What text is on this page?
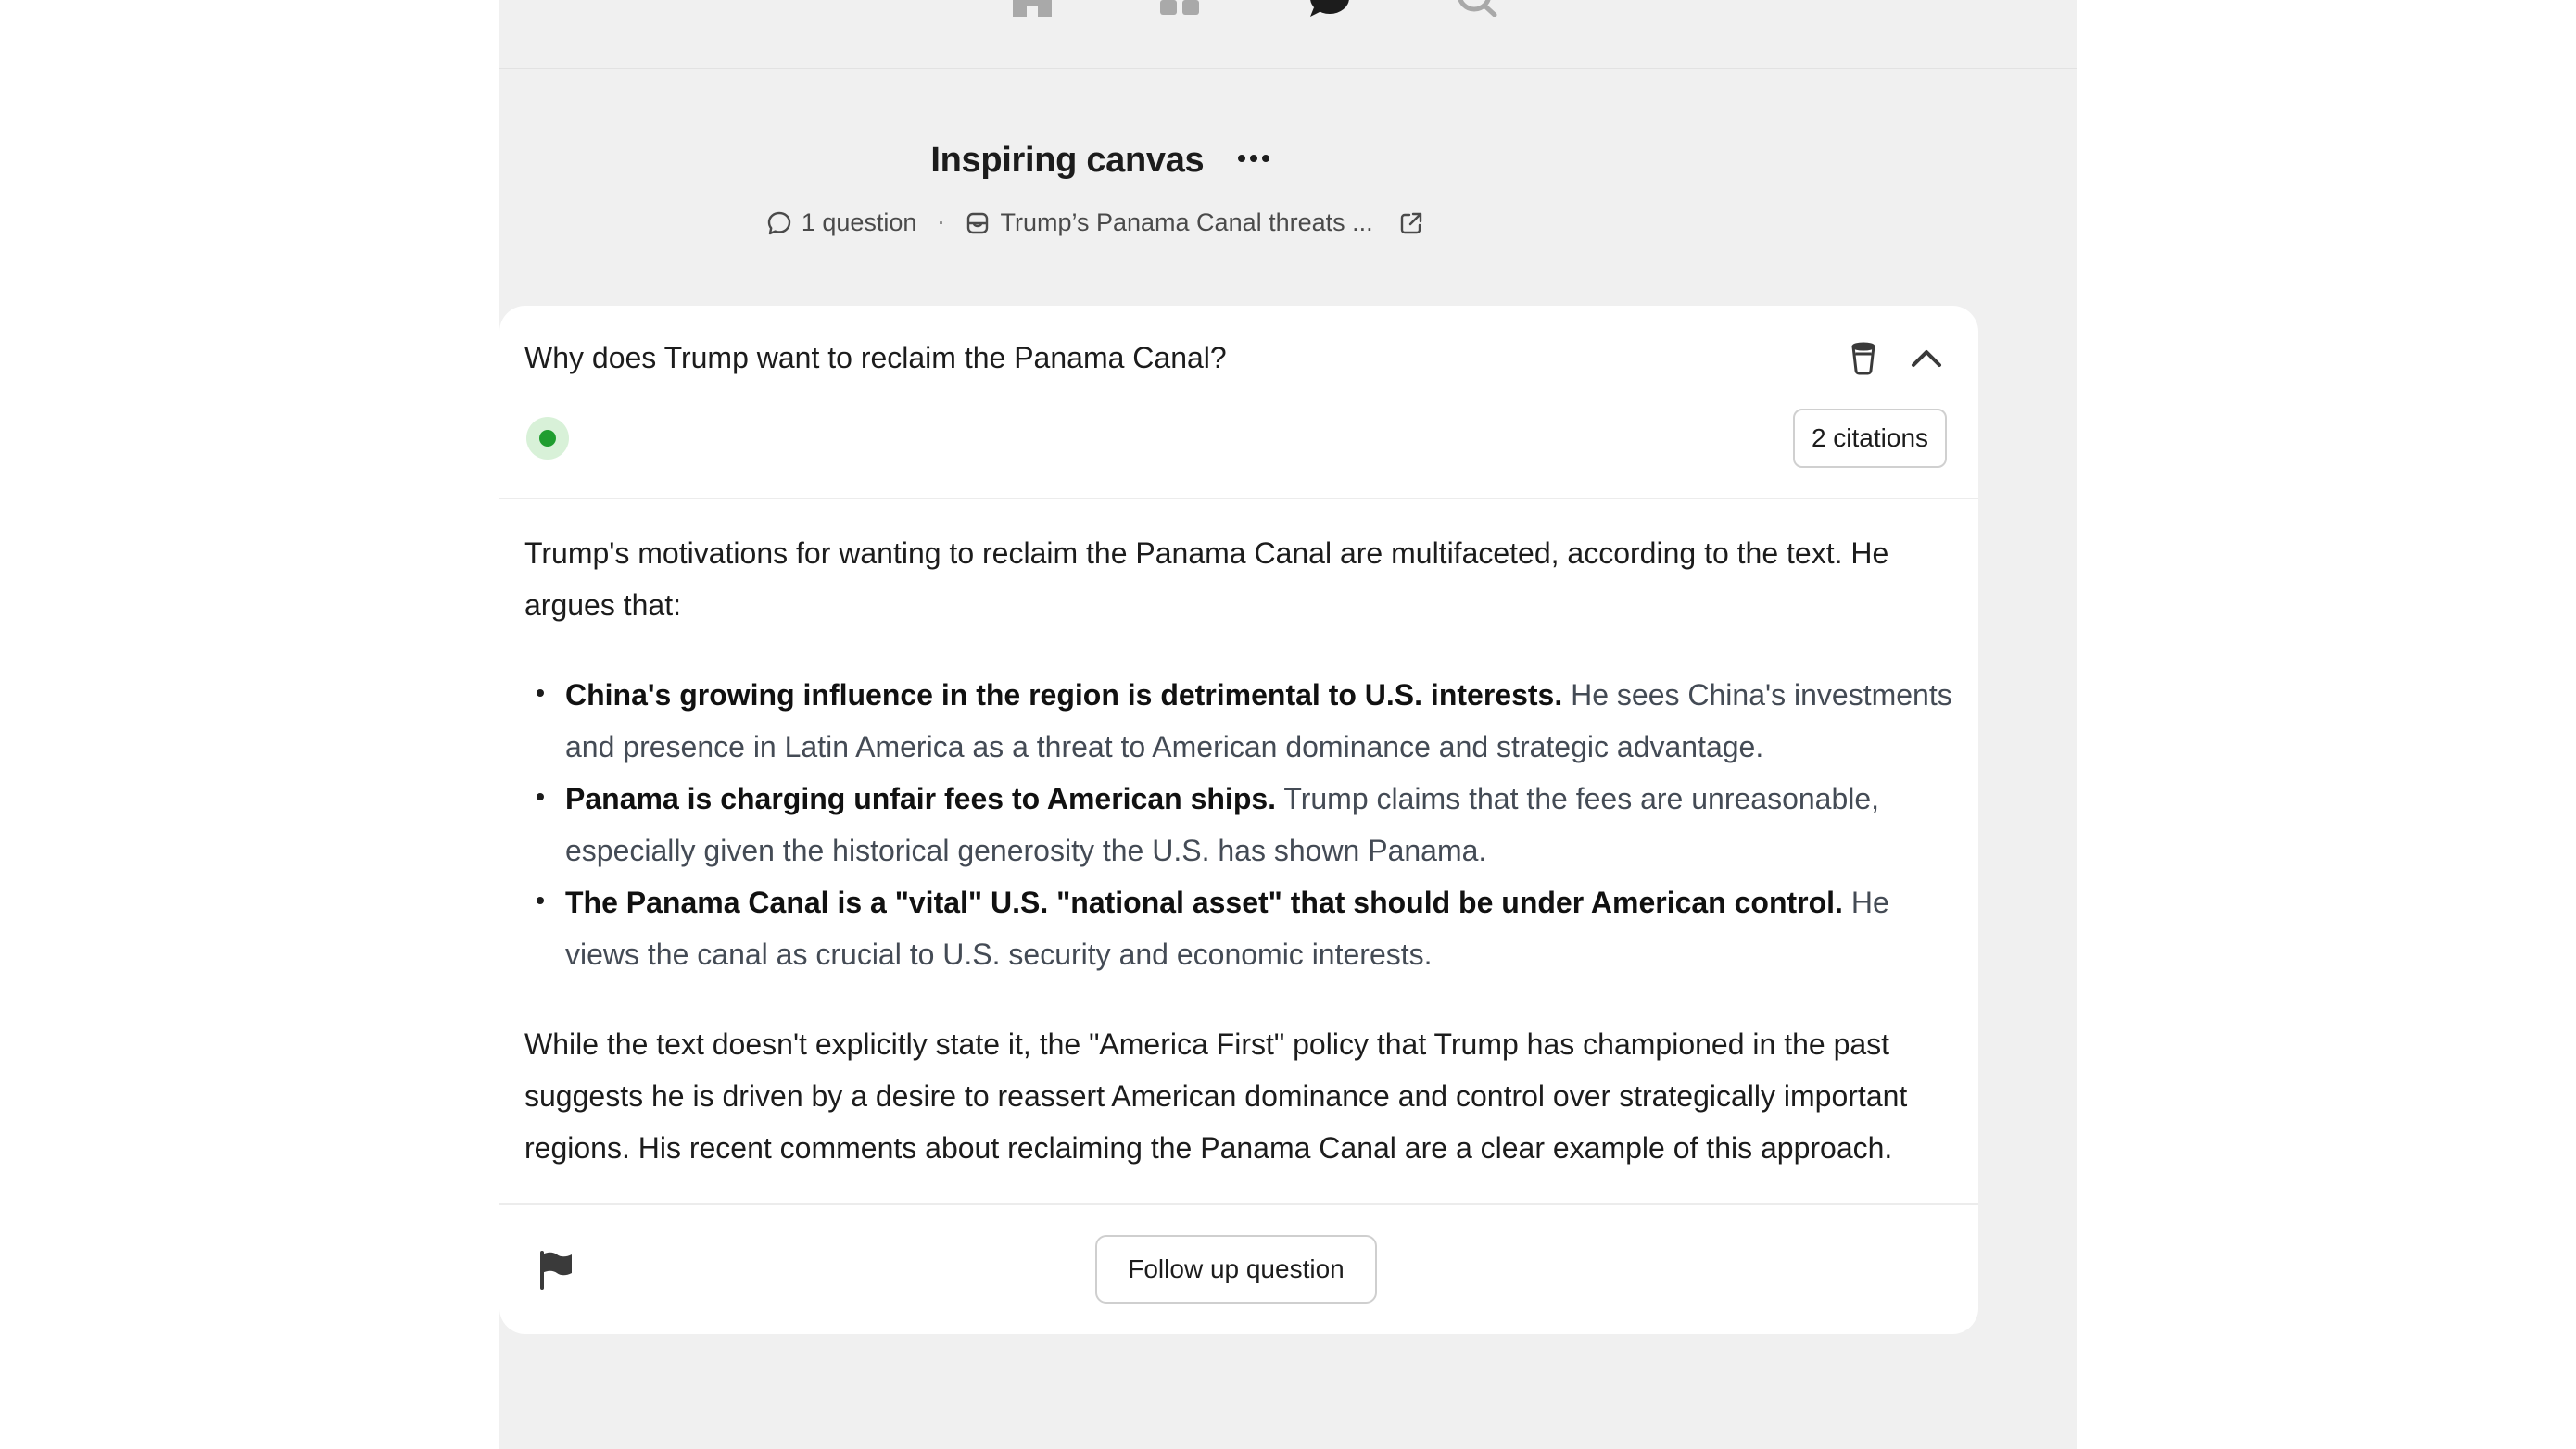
Inspiring canvas
1 question · Trump’s Panama Canal threats ...

Why does Trump want to reclaim the Panama Canal?
2 citations

Trump's motivations for wanting to reclaim the Panama Canal are multifaceted, according to the text. He argues that:

China's growing influence in the region is detrimental to U.S. interests. He sees China's investments and presence in Latin America as a threat to American dominance and strategic advantage.
Panama is charging unfair fees to American ships. Trump claims that the fees are unreasonable, especially given the historical generosity the U.S. has shown Panama.
The Panama Canal is a "vital" U.S. "national asset" that should be under American control. He views the canal as crucial to U.S. security and economic interests.

While the text doesn't explicitly state it, the "America First" policy that Trump has championed in the past suggests he is driven by a desire to reassert American dominance and control over strategically important regions. His recent comments about reclaiming the Panama Canal are a clear example of this approach.

Follow up question
